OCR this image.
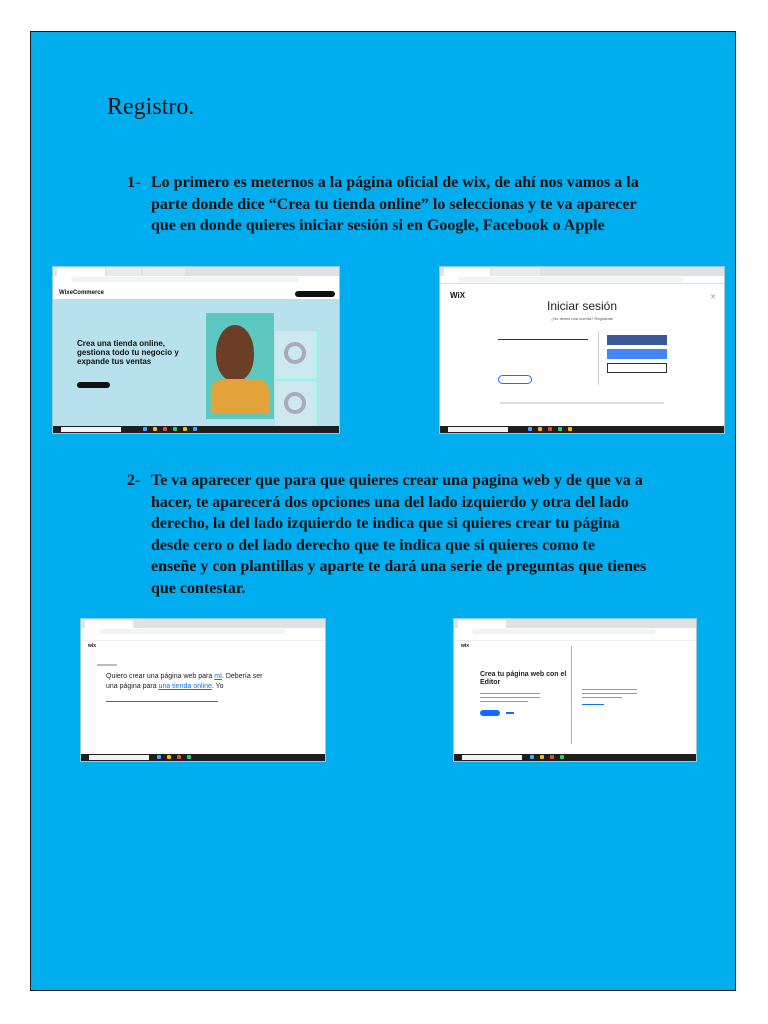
Registro.
1- Lo primero es meternos a la página oficial de wix, de ahí nos vamos a la
parte donde dice “Crea tu tienda online” lo seleccionas y te va aparecer
que en donde quieres iniciar sesión si en Google, Facebook o Apple
WixeCommerce
Crea una tienda online, gestiona todo tu negocio y expande tus ventas
WiX	✕
Iniciar sesión
¿No tienes una cuenta? Regístrate
2- Te va aparecer que para que quieres crear una pagina web y de que va a
hacer, te aparecerá dos opciones una del lado izquierdo y otra del lado
derecho, la del lado izquierdo te indica que si quieres crear tu página
desde cero o del lado derecho que te indica que si quieres como te
enseñe y con plantillas y aparte te dará una serie de preguntas que tienes
que contestar.
wix
Quiero crear una página web para mí. Debería ser una página para una tienda online. Yo
wix
Crea tu página web con el Editor
